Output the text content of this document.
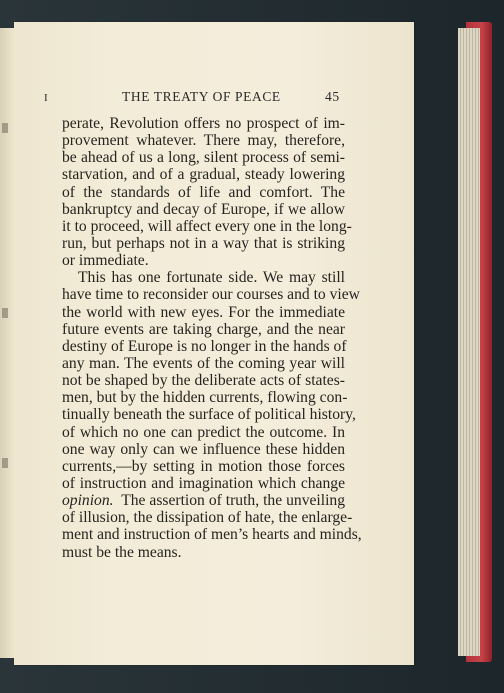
I	THE TREATY OF PEACE	45
perate, Revolution offers no prospect of im-
provement whatever. There may, therefore,
be ahead of us a long, silent process of semi-
starvation, and of a gradual, steady lowering
of the standards of life and comfort. The
bankruptcy and decay of Europe, if we allow
it to proceed, will affect every one in the long-
run, but perhaps not in a way that is striking
or immediate.
This has one fortunate side. We may still
have time to reconsider our courses and to view
the world with new eyes. For the immediate
future events are taking charge, and the near
destiny of Europe is no longer in the hands of
any man. The events of the coming year will
not be shaped by the deliberate acts of states-
men, but by the hidden currents, flowing con-
tinually beneath the surface of political history,
of which no one can predict the outcome. In
one way only can we influence these hidden
currents,—by setting in motion those forces
of instruction and imagination which change
opinion. The assertion of truth, the unveiling
of illusion, the dissipation of hate, the enlarge-
ment and instruction of men’s hearts and minds,
must be the means.
